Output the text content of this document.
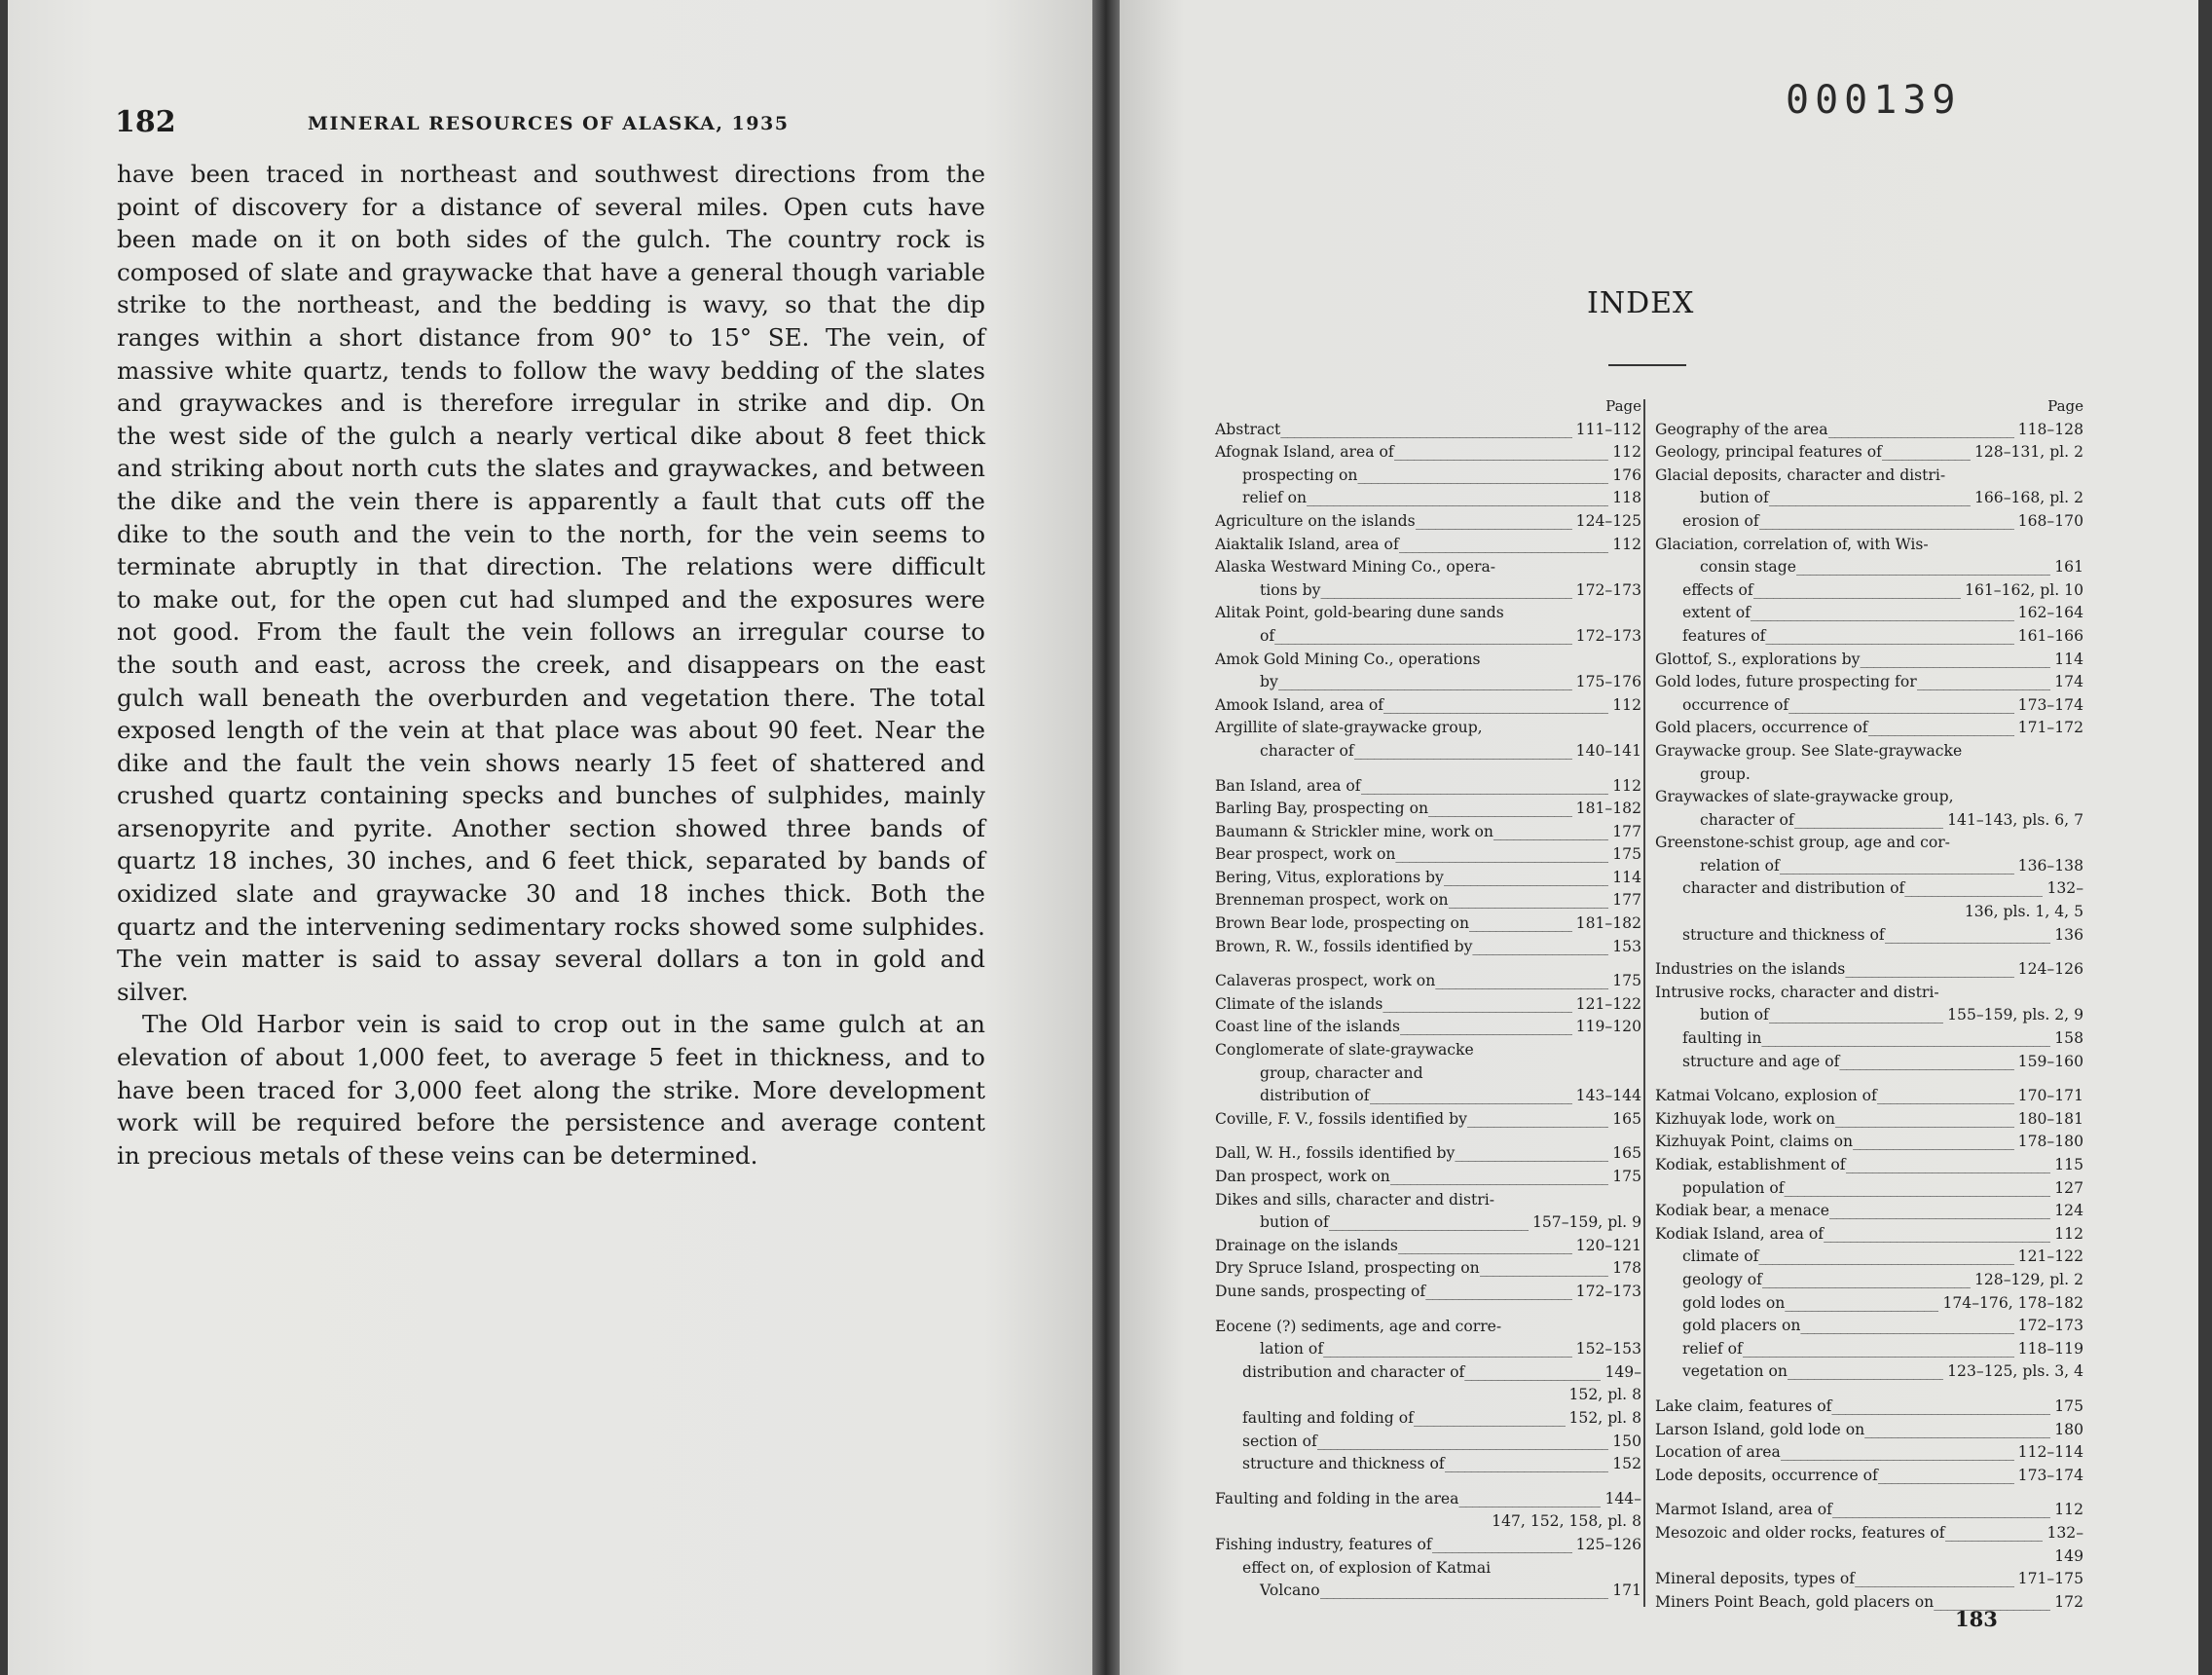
182	MINERAL RESOURCES OF ALASKA, 1935
have been traced in northeast and southwest directions from the
point of discovery for a distance of several miles. Open cuts have
been made on it on both sides of the gulch. The country rock is
composed of slate and graywacke that have a general though variable
strike to the northeast, and the bedding is wavy, so that the dip
ranges within a short distance from 90° to 15° SE. The vein, of
massive white quartz, tends to follow the wavy bedding of the slates
and graywackes and is therefore irregular in strike and dip. On
the west side of the gulch a nearly vertical dike about 8 feet thick
and striking about north cuts the slates and graywackes, and between
the dike and the vein there is apparently a fault that cuts off the
dike to the south and the vein to the north, for the vein seems to
terminate abruptly in that direction. The relations were difficult
to make out, for the open cut had slumped and the exposures were
not good. From the fault the vein follows an irregular course to
the south and east, across the creek, and disappears on the east
gulch wall beneath the overburden and vegetation there. The total
exposed length of the vein at that place was about 90 feet. Near the
dike and the fault the vein shows nearly 15 feet of shattered and
crushed quartz containing specks and bunches of sulphides, mainly
arsenopyrite and pyrite. Another section showed three bands of
quartz 18 inches, 30 inches, and 6 feet thick, separated by bands of
oxidized slate and graywacke 30 and 18 inches thick. Both the
quartz and the intervening sedimentary rocks showed some sulphides.
The vein matter is said to assay several dollars a ton in gold and
silver.
The Old Harbor vein is said to crop out in the same gulch at an
elevation of about 1,000 feet, to average 5 feet in thickness, and to
have been traced for 3,000 feet along the strike. More development
work will be required before the persistence and average content
in precious metals of these veins can be determined.
000139
INDEX
Page
Abstract _____	111–112
Afognak Island, area of _____	112
prospecting on _____	176
relief on _____	118
Agriculture on the islands _____	124–125
Aiaktalik Island, area of _____	112
Alaska Westward Mining Co., opera-
tions by _____	172–173
Alitak Point, gold-bearing dune sands
of _____	172–173
Amok Gold Mining Co., operations
by _____	175–176
Amook Island, area of _____	112
Argillite of slate-graywacke group,
character of _____	140–141
Ban Island, area of _____	112
Barling Bay, prospecting on _____	181–182
Baumann & Strickler mine, work on _____	177
Bear prospect, work on _____	175
Bering, Vitus, explorations by _____	114
Brenneman prospect, work on _____	177
Brown Bear lode, prospecting on _____	181–182
Brown, R. W., fossils identified by _____	153
Calaveras prospect, work on _____	175
Climate of the islands _____	121–122
Coast line of the islands _____	119–120
Conglomerate of slate-graywacke
group, character and
distribution of _____	143–144
Coville, F. V., fossils identified by _____	165
Dall, W. H., fossils identified by _____	165
Dan prospect, work on _____	175
Dikes and sills, character and distri-
bution of _____	157–159, pl. 9
Drainage on the islands _____	120–121
Dry Spruce Island, prospecting on _____	178
Dune sands, prospecting of _____	172–173
Eocene (?) sediments, age and corre-
lation of _____	152–153
distribution and character of _____	149–
152, pl. 8
faulting and folding of _____	152, pl. 8
section of _____	150
structure and thickness of _____	152
Faulting and folding in the area _____	144–
147, 152, 158, pl. 8
Fishing industry, features of _____	125–126
effect on, of explosion of Katmai
Volcano _____	171
Page
Geography of the area _____	118–128
Geology, principal features of _____	128–131, pl. 2
Glacial deposits, character and distri-
bution of _____	166–168, pl. 2
erosion of _____	168–170
Glaciation, correlation of, with Wis-
consin stage _____	161
effects of _____	161–162, pl. 10
extent of _____	162–164
features of _____	161–166
Glottof, S., explorations by _____	114
Gold lodes, future prospecting for _____	174
occurrence of _____	173–174
Gold placers, occurrence of _____	171–172
Graywacke group. See Slate-graywacke
group.
Graywackes of slate-graywacke group,
character of _____	141–143, pls. 6, 7
Greenstone-schist group, age and cor-
relation of _____	136–138
character and distribution of _____	132–
136, pls. 1, 4, 5
structure and thickness of _____	136
Industries on the islands _____	124–126
Intrusive rocks, character and distri-
bution of _____	155–159, pls. 2, 9
faulting in _____	158
structure and age of _____	159–160
Katmai Volcano, explosion of _____	170–171
Kizhuyak lode, work on _____	180–181
Kizhuyak Point, claims on _____	178–180
Kodiak, establishment of _____	115
population of _____	127
Kodiak bear, a menace _____	124
Kodiak Island, area of _____	112
climate of _____	121–122
geology of _____	128–129, pl. 2
gold lodes on _____	174–176, 178–182
gold placers on _____	172–173
relief of _____	118–119
vegetation on _____	123–125, pls. 3, 4
Lake claim, features of _____	175
Larson Island, gold lode on _____	180
Location of area _____	112–114
Lode deposits, occurrence of _____	173–174
Marmot Island, area of _____	112
Mesozoic and older rocks, features of _____	132–
149
Mineral deposits, types of _____	171–175
Miners Point Beach, gold placers on _____	172
183
